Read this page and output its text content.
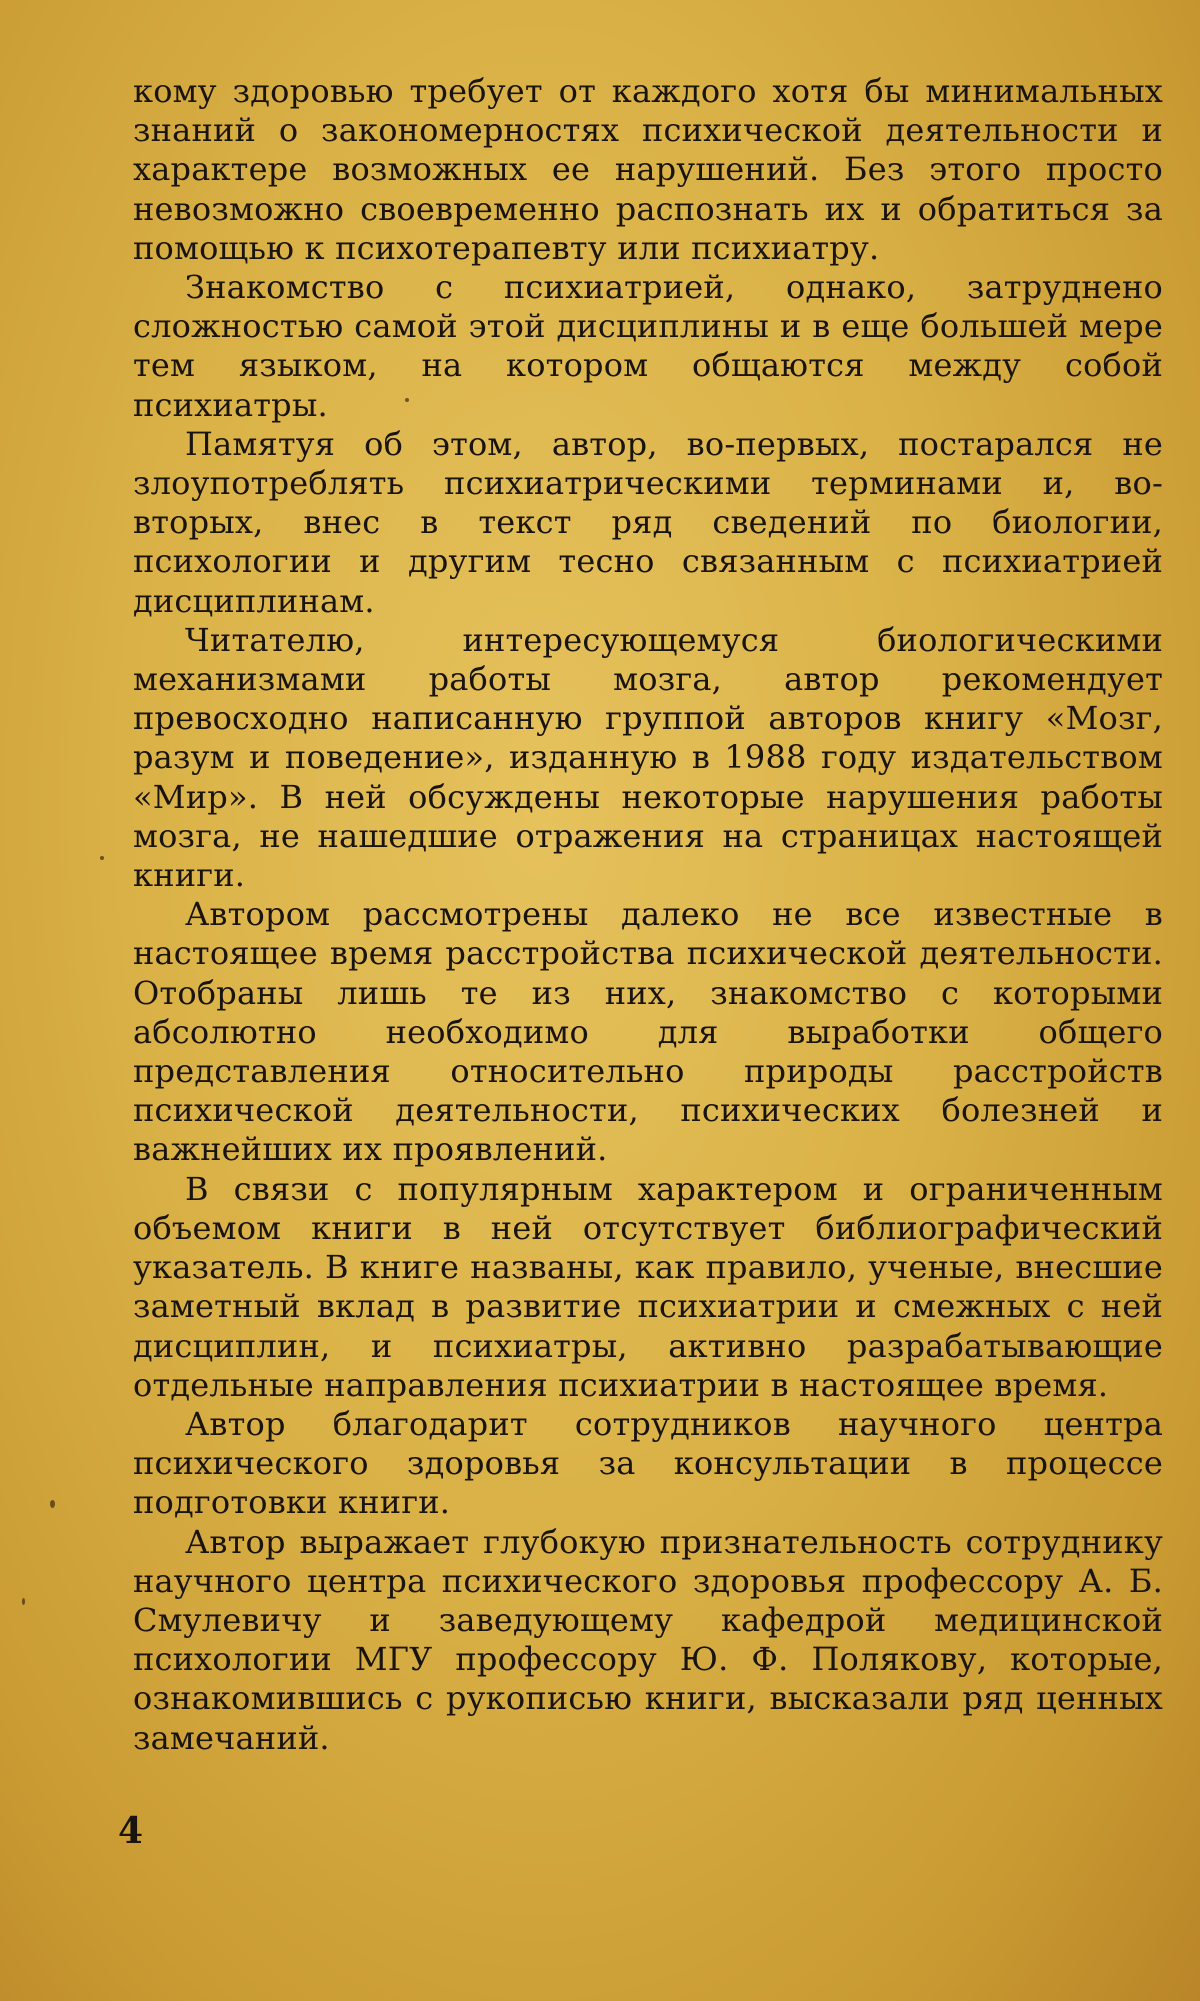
кому здоровью требует от каждого хотя бы минимальных знаний о закономерностях психической деятельности и характере возможных ее нарушений. Без этого просто невозможно своевременно распознать их и обратиться за помощью к психотерапевту или психиатру.

Знакомство с психиатрией, однако, затруднено сложностью самой этой дисциплины и в еще большей мере тем языком, на котором общаются между собой психиатры.

Памятуя об этом, автор, во-первых, постарался не злоупотреблять психиатрическими терминами и, во-вторых, внес в текст ряд сведений по биологии, психологии и другим тесно связанным с психиатрией дисциплинам.

Читателю, интересующемуся биологическими механизмами работы мозга, автор рекомендует превосходно написанную группой авторов книгу «Мозг, разум и поведение», изданную в 1988 году издательством «Мир». В ней обсуждены некоторые нарушения работы мозга, не нашедшие отражения на страницах настоящей книги.

Автором рассмотрены далеко не все известные в настоящее время расстройства психической деятельности. Отобраны лишь те из них, знакомство с которыми абсолютно необходимо для выработки общего представления относительно природы расстройств психической деятельности, психических болезней и важнейших их проявлений.

В связи с популярным характером и ограниченным объемом книги в ней отсутствует библиографический указатель. В книге названы, как правило, ученые, внесшие заметный вклад в развитие психиатрии и смежных с ней дисциплин, и психиатры, активно разрабатывающие отдельные направления психиатрии в настоящее время.

Автор благодарит сотрудников научного центра психического здоровья за консультации в процессе подготовки книги.

Автор выражает глубокую признательность сотруднику научного центра психического здоровья профессору А. Б. Смулевичу и заведующему кафедрой медицинской психологии МГУ профессору Ю. Ф. Полякову, которые, ознакомившись с рукописью книги, высказали ряд ценных замечаний.

4
